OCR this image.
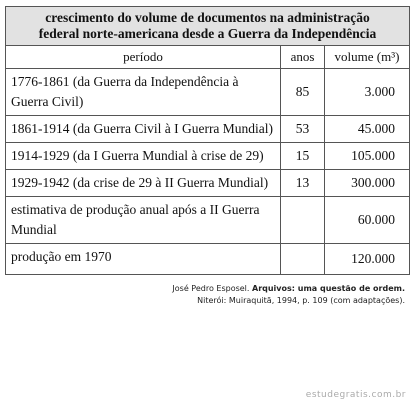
crescimento do volume de documentos na administração
federal norte-americana desde a Guerra da Independência		

período	anos	volume (m³)
1776-1861 (da Guerra da Independência à Guerra Civil)	85	3.000
1861-1914 (da Guerra Civil à I Guerra Mundial)	53	45.000
1914-1929 (da I Guerra Mundial à crise de 29)	15	105.000
1929-1942 (da crise de 29 à II Guerra Mundial)	13	300.000
estimativa de produção anual após a II Guerra Mundial		60.000
produção em 1970		120.000
José Pedro Esposel. Arquivos: uma questão de ordem.
Niterói: Muiraquitã, 1994, p. 109 (com adaptações).
estudegratis.com.br
